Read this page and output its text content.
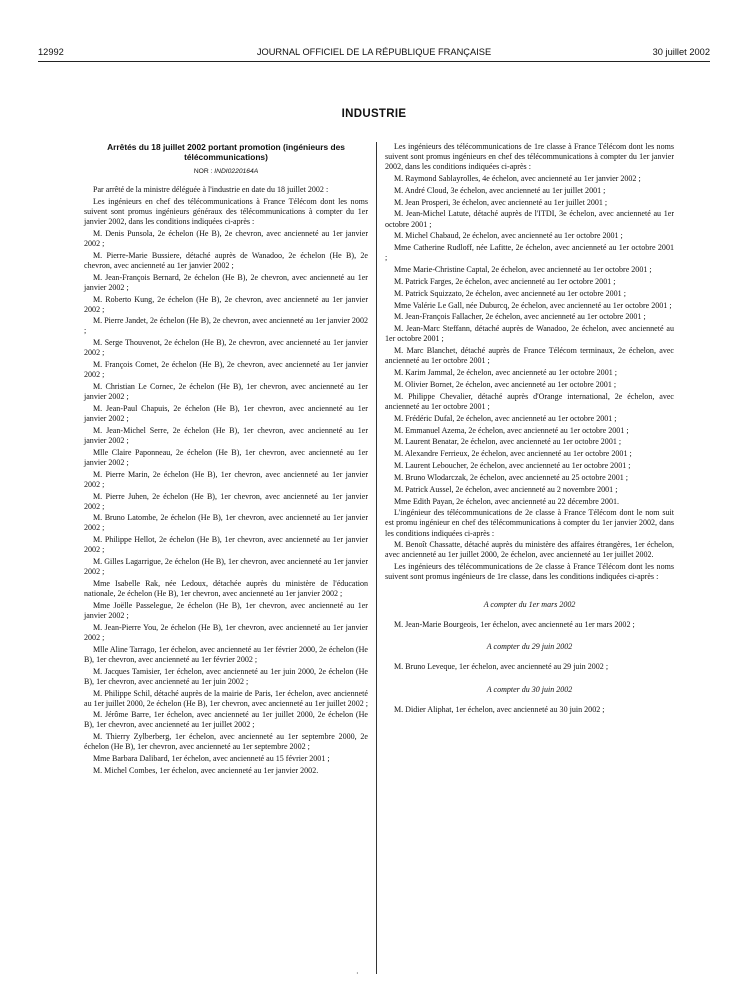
12992	JOURNAL OFFICIEL DE LA RÉPUBLIQUE FRANÇAISE	30 juillet 2002
INDUSTRIE
Arrêtés du 18 juillet 2002 portant promotion (ingénieurs des télécommunications)
NOR : INDI0220164A

Par arrêté de la ministre déléguée à l'industrie en date du 18 juillet 2002 :

Les ingénieurs en chef des télécommunications à France Télécom dont les noms suivent sont promus ingénieurs généraux des télécommunications à compter du 1er janvier 2002, dans les conditions indiquées ci-après :

M. Denis Punsola, 2e échelon (He B), 2e chevron, avec ancienneté au 1er janvier 2002 ;

M. Pierre-Marie Bussiere, détaché auprès de Wanadoo, 2e échelon (He B), 2e chevron, avec ancienneté au 1er janvier 2002 ;

M. Jean-François Bernard, 2e échelon (He B), 2e chevron, avec ancienneté au 1er janvier 2002 ;

M. Roberto Kung, 2e échelon (He B), 2e chevron, avec ancienneté au 1er janvier 2002 ;

M. Pierre Jandet, 2e échelon (He B), 2e chevron, avec ancienneté au 1er janvier 2002 ;

M. Serge Thouvenot, 2e échelon (He B), 2e chevron, avec ancienneté au 1er janvier 2002 ;

M. François Comet, 2e échelon (He B), 2e chevron, avec ancienneté au 1er janvier 2002 ;

M. Christian Le Cornec, 2e échelon (He B), 1er chevron, avec ancienneté au 1er janvier 2002 ;

M. Jean-Paul Chapuis, 2e échelon (He B), 1er chevron, avec ancienneté au 1er janvier 2002 ;

M. Jean-Michel Serre, 2e échelon (He B), 1er chevron, avec ancienneté au 1er janvier 2002 ;

Mlle Claire Paponneau, 2e échelon (He B), 1er chevron, avec ancienneté au 1er janvier 2002 ;

M. Pierre Marin, 2e échelon (He B), 1er chevron, avec ancienneté au 1er janvier 2002 ;

M. Pierre Juhen, 2e échelon (He B), 1er chevron, avec ancienneté au 1er janvier 2002 ;

M. Bruno Latombe, 2e échelon (He B), 1er chevron, avec ancienneté au 1er janvier 2002 ;

M. Philippe Hellot, 2e échelon (He B), 1er chevron, avec ancienneté au 1er janvier 2002 ;

M. Gilles Lagarrigue, 2e échelon (He B), 1er chevron, avec ancienneté au 1er janvier 2002 ;

Mme Isabelle Rak, née Ledoux, détachée auprès du ministère de l'éducation nationale, 2e échelon (He B), 1er chevron, avec ancienneté au 1er janvier 2002 ;

Mme Joëlle Passelegue, 2e échelon (He B), 1er chevron, avec ancienneté au 1er janvier 2002 ;

M. Jean-Pierre You, 2e échelon (He B), 1er chevron, avec ancienneté au 1er janvier 2002 ;

Mlle Aline Tarrago, 1er échelon, avec ancienneté au 1er février 2000, 2e échelon (He B), 1er chevron, avec ancienneté au 1er février 2002 ;

M. Jacques Tamisier, 1er échelon, avec ancienneté au 1er juin 2000, 2e échelon (He B), 1er chevron, avec ancienneté au 1er juin 2002 ;

M. Philippe Schil, détaché auprès de la mairie de Paris, 1er échelon, avec ancienneté au 1er juillet 2000, 2e échelon (He B), 1er chevron, avec ancienneté au 1er juillet 2002 ;

M. Jérôme Barre, 1er échelon, avec ancienneté au 1er juillet 2000, 2e échelon (He B), 1er chevron, avec ancienneté au 1er juillet 2002 ;

M. Thierry Zylberberg, 1er échelon, avec ancienneté au 1er septembre 2000, 2e échelon (He B), 1er chevron, avec ancienneté au 1er septembre 2002 ;

Mme Barbara Dalibard, 1er échelon, avec ancienneté au 15 février 2001 ;

M. Michel Combes, 1er échelon, avec ancienneté au 1er janvier 2002.

Les ingénieurs des télécommunications de 1re classe à France Télécom dont les noms suivent sont promus ingénieurs en chef des télécommunications à compter du 1er janvier 2002, dans les conditions indiquées ci-après :

M. Raymond Sablayrolles, 4e échelon, avec ancienneté au 1er janvier 2002 ;

M. André Cloud, 3e échelon, avec ancienneté au 1er juillet 2001 ;

M. Jean Prosperi, 3e échelon, avec ancienneté au 1er juillet 2001 ;

M. Jean-Michel Latute, détaché auprès de l'ITDI, 3e échelon, avec ancienneté au 1er octobre 2001 ;

M. Michel Chabaud, 2e échelon, avec ancienneté au 1er octobre 2001 ;

Mme Catherine Rudloff, née Lafitte, 2e échelon, avec ancienneté au 1er octobre 2001 ;

Mme Marie-Christine Captal, 2e échelon, avec ancienneté au 1er octobre 2001 ;

M. Patrick Farges, 2e échelon, avec ancienneté au 1er octobre 2001 ;

M. Patrick Squizzato, 2e échelon, avec ancienneté au 1er octobre 2001 ;

Mme Valérie Le Gall, née Duburcq, 2e échelon, avec ancienneté au 1er octobre 2001 ;

M. Jean-François Fallacher, 2e échelon, avec ancienneté au 1er octobre 2001 ;

M. Jean-Marc Steffann, détaché auprès de Wanadoo, 2e échelon, avec ancienneté au 1er octobre 2001 ;

M. Marc Blanchet, détaché auprès de France Télécom terminaux, 2e échelon, avec ancienneté au 1er octobre 2001 ;

M. Karim Jammal, 2e échelon, avec ancienneté au 1er octobre 2001 ;

M. Olivier Bornet, 2e échelon, avec ancienneté au 1er octobre 2001 ;

M. Philippe Chevalier, détaché auprès d'Orange international, 2e échelon, avec ancienneté au 1er octobre 2001 ;

M. Frédéric Dufal, 2e échelon, avec ancienneté au 1er octobre 2001 ;

M. Emmanuel Azema, 2e échelon, avec ancienneté au 1er octobre 2001 ;

M. Laurent Benatar, 2e échelon, avec ancienneté au 1er octobre 2001 ;

M. Alexandre Ferrieux, 2e échelon, avec ancienneté au 1er octobre 2001 ;

M. Laurent Leboucher, 2e échelon, avec ancienneté au 1er octobre 2001 ;

M. Bruno Wlodarczak, 2e échelon, avec ancienneté au 25 octobre 2001 ;

M. Patrick Aussel, 2e échelon, avec ancienneté au 2 novembre 2001 ;

Mme Edith Payan, 2e échelon, avec ancienneté au 22 décembre 2001.

L'ingénieur des télécommunications de 2e classe à France Télécom dont le nom suit est promu ingénieur en chef des télécommunications à compter du 1er janvier 2002, dans les conditions indiquées ci-après :

M. Benoît Chassatte, détaché auprès du ministère des affaires étrangères, 1er échelon, avec ancienneté au 1er juillet 2000, 2e échelon, avec ancienneté au 1er juillet 2002.

Les ingénieurs des télécommunications de 2e classe à France Télécom dont les noms suivent sont promus ingénieurs de 1re classe, dans les conditions indiquées ci-après :

A compter du 1er mars 2002

M. Jean-Marie Bourgeois, 1er échelon, avec ancienneté au 1er mars 2002 ;

A compter du 29 juin 2002

M. Bruno Leveque, 1er échelon, avec ancienneté au 29 juin 2002 ;

A compter du 30 juin 2002

M. Didier Aliphat, 1er échelon, avec ancienneté au 30 juin 2002 ;

·
